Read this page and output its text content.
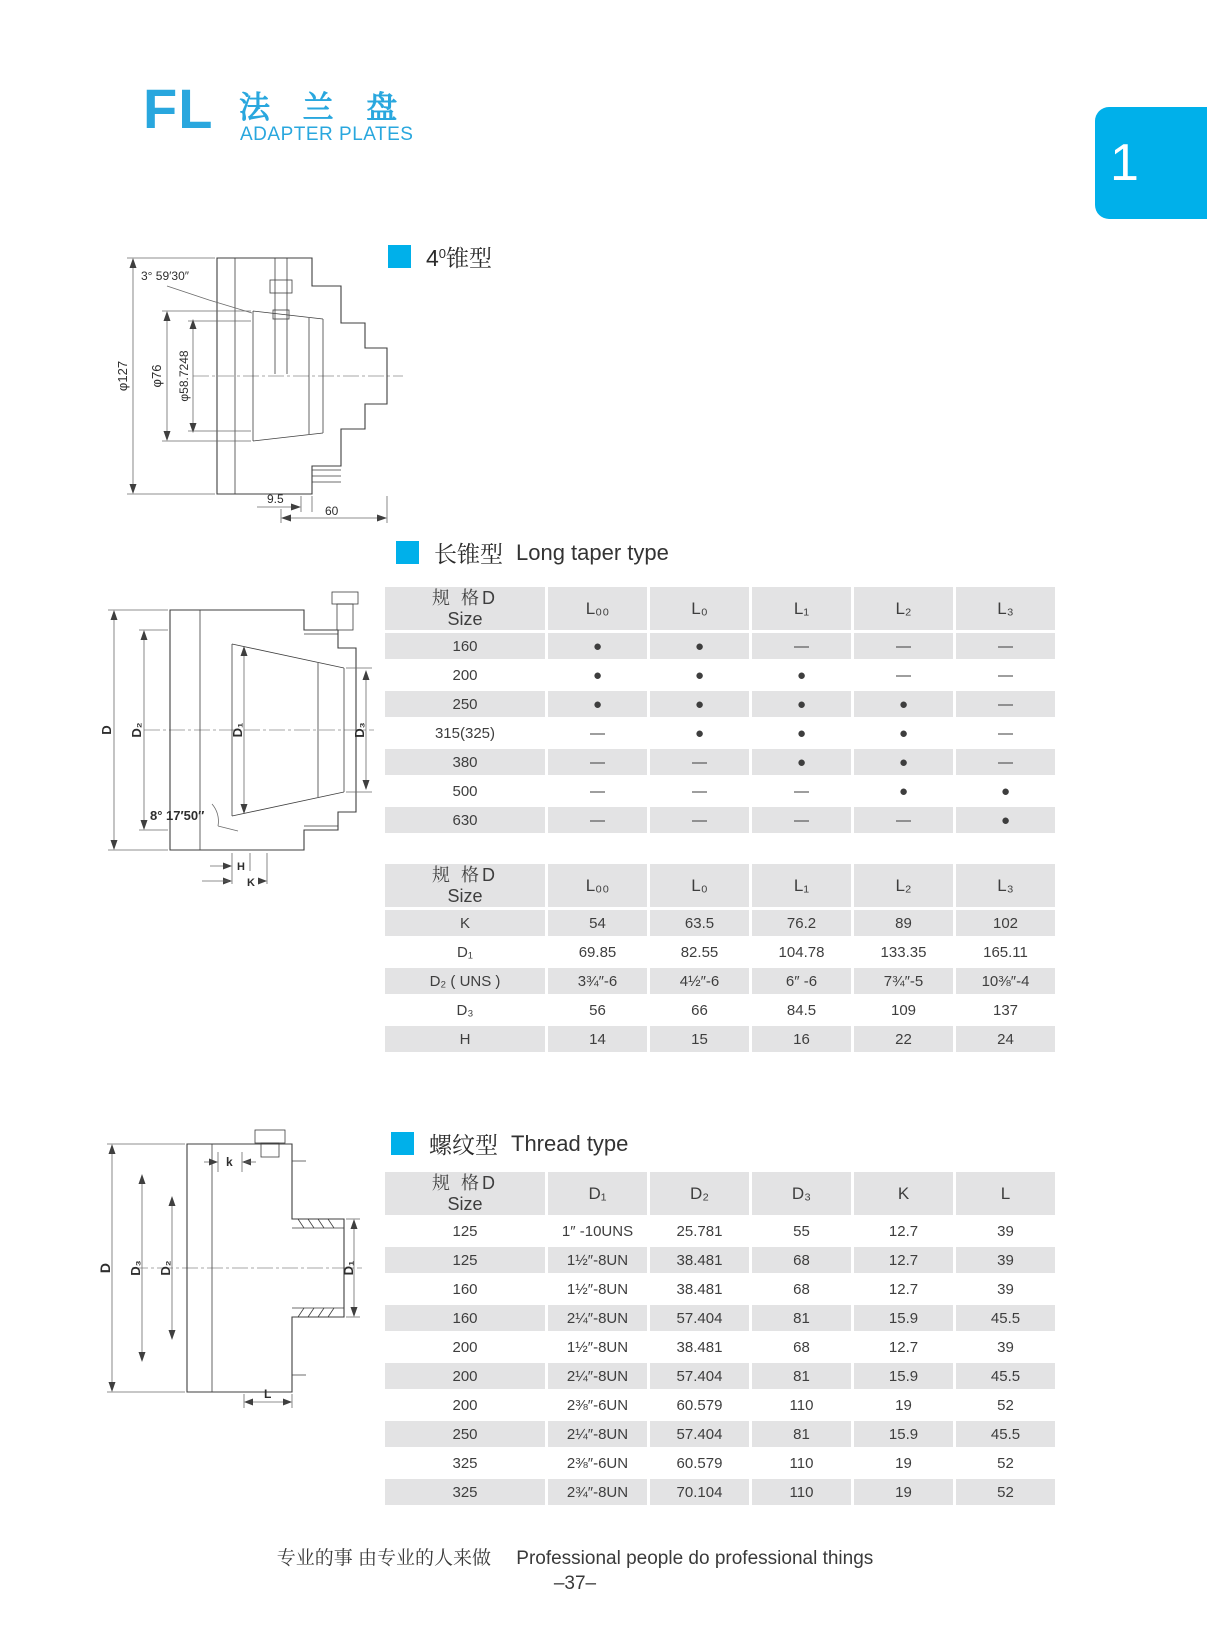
FL 法 兰 盘
ADAPTER PLATES	1
$4^0$锥型
3° 59′30″
φ127 φ76 φ58.7248
9.5
60
长锥型 Long taper type
D D₂	D₁	D₃
8° 17′50″
H
K
规 格D
Size	L₀₀	L₀	L₁	L₂	L₃
160	●	●	—	—	—
200	●	●	●	—	—
250	●	●	●	●	—
315(325)	—	●	●	●	—
380	—	—	●	●	—
500	—	—	—	●	●
630	—	—	—	—	●
规 格D
Size	L₀₀	L₀	L₁	L₂	L₃
K	54	63.5	76.2	89	102
D₁	69.85	82.55	104.78	133.35	165.11
D₂ ( UNS )	3¾″-6	4½″-6	6″ -6	7¾″-5	10⅜″-4
D₃	56	66	84.5	109	137
H	14	15	16	22	24
螺纹型 Thread type
D D₃ D₂	D₁
k
L
规 格D
Size	D₁	D₂	D₃	K	L
125	1″ -10UNS	25.781	55	12.7	39
125	1½″-8UN	38.481	68	12.7	39
160	1½″-8UN	38.481	68	12.7	39
160	2¼″-8UN	57.404	81	15.9	45.5
200	1½″-8UN	38.481	68	12.7	39
200	2¼″-8UN	57.404	81	15.9	45.5
200	2⅜″-6UN	60.579	110	19	52
250	2¼″-8UN	57.404	81	15.9	45.5
325	2⅜″-6UN	60.579	110	19	52
325	2¾″-8UN	70.104	110	19	52
专业的事 由专业的人来做 Professional people do professional things
–37–
